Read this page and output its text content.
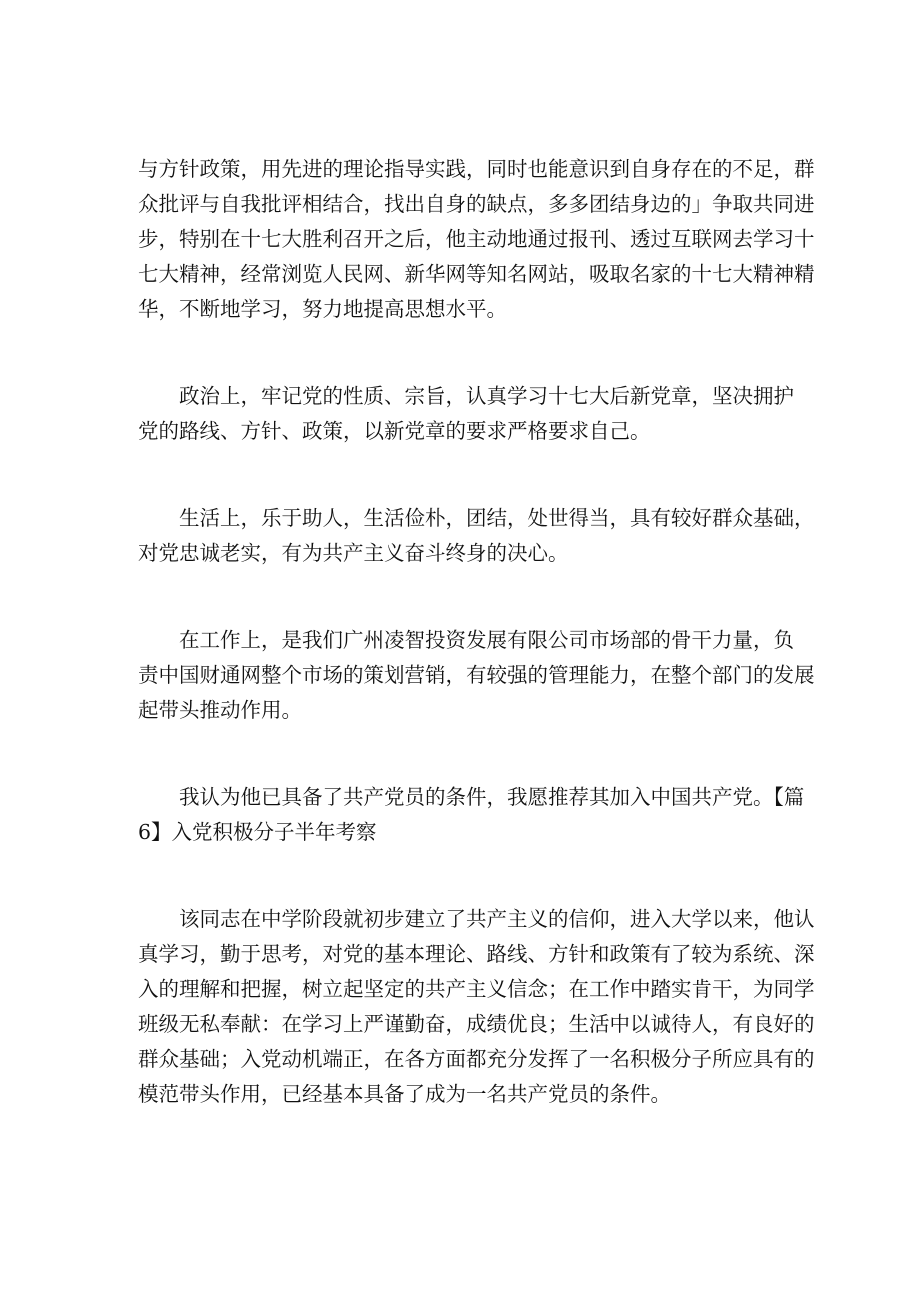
与方针政策，用先进的理论指导实践，同时也能意识到自身存在的不足，群
众批评与自我批评相结合，找出自身的缺点，多多团结身边的」争取共同进
步，特别在十七大胜利召开之后，他主动地通过报刊、透过互联网去学习十
七大精神，经常浏览人民网、新华网等知名网站，吸取名家的十七大精神精
华，不断地学习，努力地提高思想水平。

政治上，牢记党的性质、宗旨，认真学习十七大后新党章，坚决拥护
党的路线、方针、政策，以新党章的要求严格要求自己。

生活上，乐于助人，生活俭朴，团结，处世得当，具有较好群众基础，
对党忠诚老实，有为共产主义奋斗终身的决心。

在工作上，是我们广州凌智投资发展有限公司市场部的骨干力量，负
责中国财通网整个市场的策划营销，有较强的管理能力，在整个部门的发展
起带头推动作用。

我认为他已具备了共产党员的条件，我愿推荐其加入中国共产党。【篇
6】入党积极分子半年考察

该同志在中学阶段就初步建立了共产主义的信仰，进入大学以来，他认
真学习，勤于思考，对党的基本理论、路线、方针和政策有了较为系统、深
入的理解和把握，树立起坚定的共产主义信念；在工作中踏实肯干，为同学
班级无私奉献：在学习上严谨勤奋，成绩优良；生活中以诚待人，有良好的
群众基础；入党动机端正，在各方面都充分发挥了一名积极分子所应具有的
模范带头作用，已经基本具备了成为一名共产党员的条件。
